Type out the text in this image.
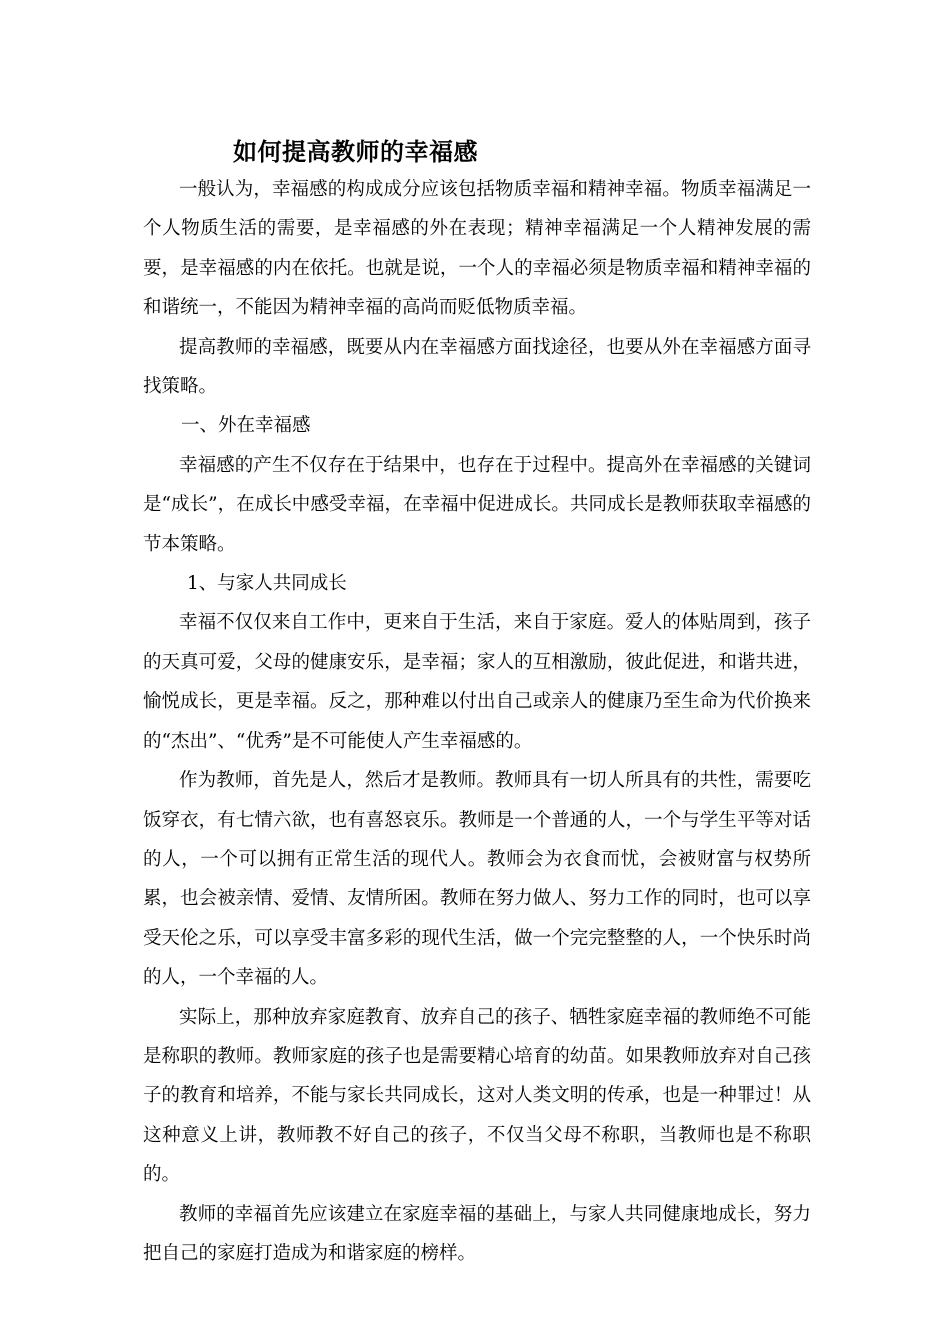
如何提高教师的幸福感

一般认为，幸福感的构成成分应该包括物质幸福和精神幸福。物质幸福满足一个人物质生活的需要，是幸福感的外在表现；精神幸福满足一个人精神发展的需要，是幸福感的内在依托。也就是说，一个人的幸福必须是物质幸福和精神幸福的和谐统一，不能因为精神幸福的高尚而贬低物质幸福。

提高教师的幸福感，既要从内在幸福感方面找途径，也要从外在幸福感方面寻找策略。

一、外在幸福感

幸福感的产生不仅存在于结果中，也存在于过程中。提高外在幸福感的关键词是“成长”，在成长中感受幸福，在幸福中促进成长。共同成长是教师获取幸福感的节本策略。

1、与家人共同成长

幸福不仅仅来自工作中，更来自于生活，来自于家庭。爱人的体贴周到，孩子的天真可爱，父母的健康安乐，是幸福；家人的互相激励，彼此促进，和谐共进，愉悦成长，更是幸福。反之，那种难以付出自己或亲人的健康乃至生命为代价换来的“杰出”、“优秀”是不可能使人产生幸福感的。

作为教师，首先是人，然后才是教师。教师具有一切人所具有的共性，需要吃饭穿衣，有七情六欲，也有喜怒哀乐。教师是一个普通的人，一个与学生平等对话的人，一个可以拥有正常生活的现代人。教师会为衣食而忧，会被财富与权势所累，也会被亲情、爱情、友情所困。教师在努力做人、努力工作的同时，也可以享受天伦之乐，可以享受丰富多彩的现代生活，做一个完完整整的人，一个快乐时尚的人，一个幸福的人。

实际上，那种放弃家庭教育、放弃自己的孩子、牺牲家庭幸福的教师绝不可能是称职的教师。教师家庭的孩子也是需要精心培育的幼苗。如果教师放弃对自己孩子的教育和培养，不能与家长共同成长，这对人类文明的传承，也是一种罪过！从这种意义上讲，教师教不好自己的孩子，不仅当父母不称职，当教师也是不称职的。

教师的幸福首先应该建立在家庭幸福的基础上，与家人共同健康地成长，努力把自己的家庭打造成为和谐家庭的榜样。
